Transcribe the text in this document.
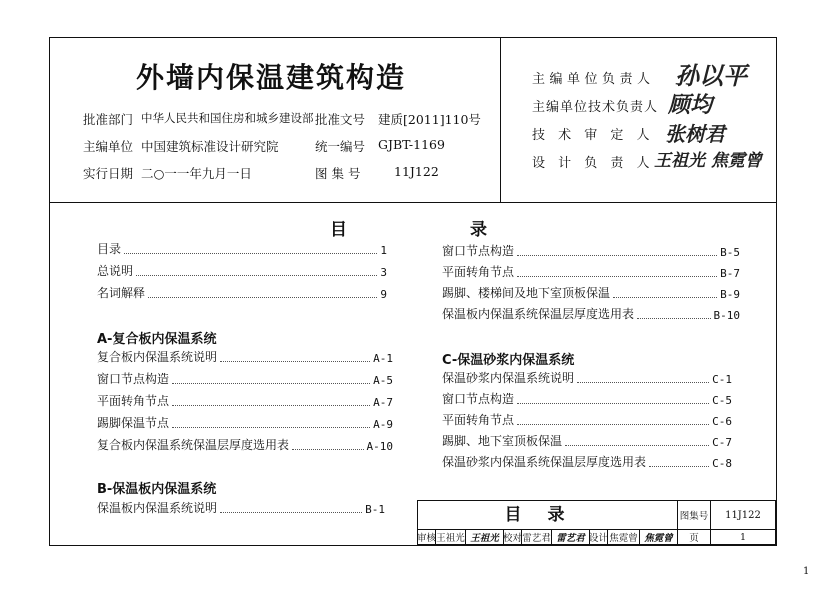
外墙内保温建筑构造
批准部门 中华人民共和国住房和城乡建设部 批准文号 建质[2011]110号
主编单位 中国建筑标准设计研究院	统一编号 GJBT-1169
实行日期 二○一一年九月一日	图 集 号	11J122
主编单位负责人 孙以平
主编单位技术负责人 顾均
技 术 审 定 人 张树君
设 计 负 责 人 王祖光 焦霓曾
目	录
目录	1
总说明	3
名词解释	9
A-复合板内保温系统
复合板内保温系统说明	A-1
窗口节点构造	A-5
平面转角节点	A-7
踢脚保温节点	A-9
复合板内保温系统保温层厚度选用表	A-10
B-保温板内保温系统
保温板内保温系统说明	B-1
窗口节点构造	B-5
平面转角节点	B-7
踢脚、楼梯间及地下室顶板保温	B-9
保温板内保温系统保温层厚度选用表	B-10
C-保温砂浆内保温系统
保温砂浆内保温系统说明	C-1
窗口节点构造	C-5
平面转角节点	C-6
踢脚、地下室顶板保温	C-7
保温砂浆内保温系统保温层厚度选用表	C-8
目录	图集号	11J122
审核 王祖光 王祖光 校对 雷艺君 雷艺君 设计 焦霓曾 焦霓曾	页	1
1
